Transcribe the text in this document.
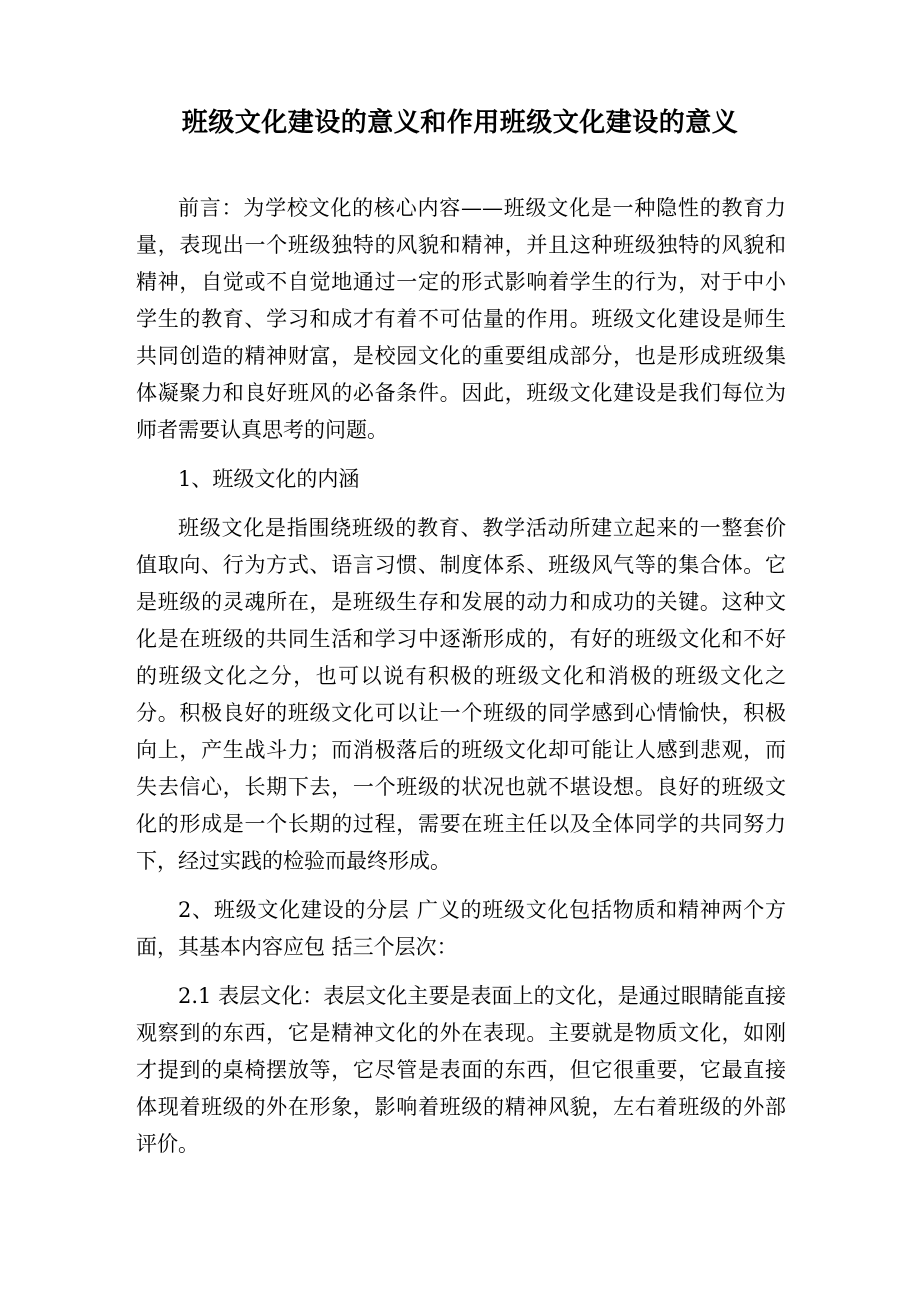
班级文化建设的意义和作用班级文化建设的意义

前言：为学校文化的核心内容——班级文化是一种隐性的教育力量，表现出一个班级独特的风貌和精神，并且这种班级独特的风貌和精神，自觉或不自觉地通过一定的形式影响着学生的行为，对于中小学生的教育、学习和成才有着不可估量的作用。班级文化建设是师生共同创造的精神财富，是校园文化的重要组成部分，也是形成班级集体凝聚力和良好班风的必备条件。因此，班级文化建设是我们每位为师者需要认真思考的问题。

1、班级文化的内涵

班级文化是指围绕班级的教育、教学活动所建立起来的一整套价值取向、行为方式、语言习惯、制度体系、班级风气等的集合体。它是班级的灵魂所在，是班级生存和发展的动力和成功的关键。这种文化是在班级的共同生活和学习中逐渐形成的，有好的班级文化和不好的班级文化之分，也可以说有积极的班级文化和消极的班级文化之分。积极良好的班级文化可以让一个班级的同学感到心情愉快，积极向上，产生战斗力；而消极落后的班级文化却可能让人感到悲观，而失去信心，长期下去，一个班级的状况也就不堪设想。良好的班级文化的形成是一个长期的过程，需要在班主任以及全体同学的共同努力下，经过实践的检验而最终形成。

2、班级文化建设的分层 广义的班级文化包括物质和精神两个方面，其基本内容应包 括三个层次：

2.1 表层文化：表层文化主要是表面上的文化，是通过眼睛能直接观察到的东西，它是精神文化的外在表现。主要就是物质文化，如刚才提到的桌椅摆放等，它尽管是表面的东西，但它很重要，它最直接体现着班级的外在形象，影响着班级的精神风貌，左右着班级的外部评价。
